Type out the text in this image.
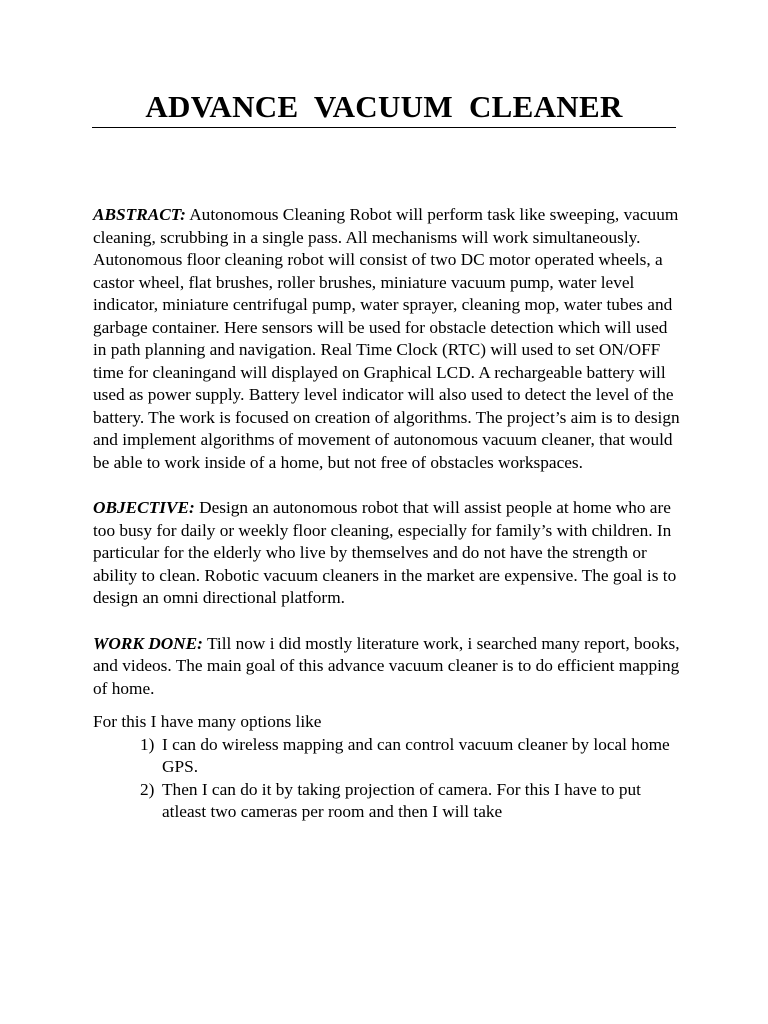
ADVANCE VACUUM CLEANER

ABSTRACT: Autonomous Cleaning Robot will perform task like sweeping, vacuum cleaning, scrubbing in a single pass. All mechanisms will work simultaneously. Autonomous floor cleaning robot will consist of two DC motor operated wheels, a castor wheel, flat brushes, roller brushes, miniature vacuum pump, water level indicator, miniature centrifugal pump, water sprayer, cleaning mop, water tubes and garbage container. Here sensors will be used for obstacle detection which will used in path planning and navigation. Real Time Clock (RTC) will used to set ON/OFF time for cleaningand will displayed on Graphical LCD. A rechargeable battery will used as power supply. Battery level indicator will also used to detect the level of the battery. The work is focused on creation of algorithms. The project’s aim is to design and implement algorithms of movement of autonomous vacuum cleaner, that would be able to work inside of a home, but not free of obstacles workspaces.

OBJECTIVE: Design an autonomous robot that will assist people at home who are too busy for daily or weekly floor cleaning, especially for family’s with children. In particular for the elderly who live by themselves and do not have the strength or ability to clean. Robotic vacuum cleaners in the market are expensive. The goal is to design an omni directional platform.

WORK DONE: Till now i did mostly literature work, i searched many report, books, and videos. The main goal of this advance vacuum cleaner is to do efficient mapping of home.

For this I have many options like

1) I can do wireless mapping and can control vacuum cleaner by local home GPS.
2) Then I can do it by taking projection of camera. For this I have to put atleast two cameras per room and then I will take
